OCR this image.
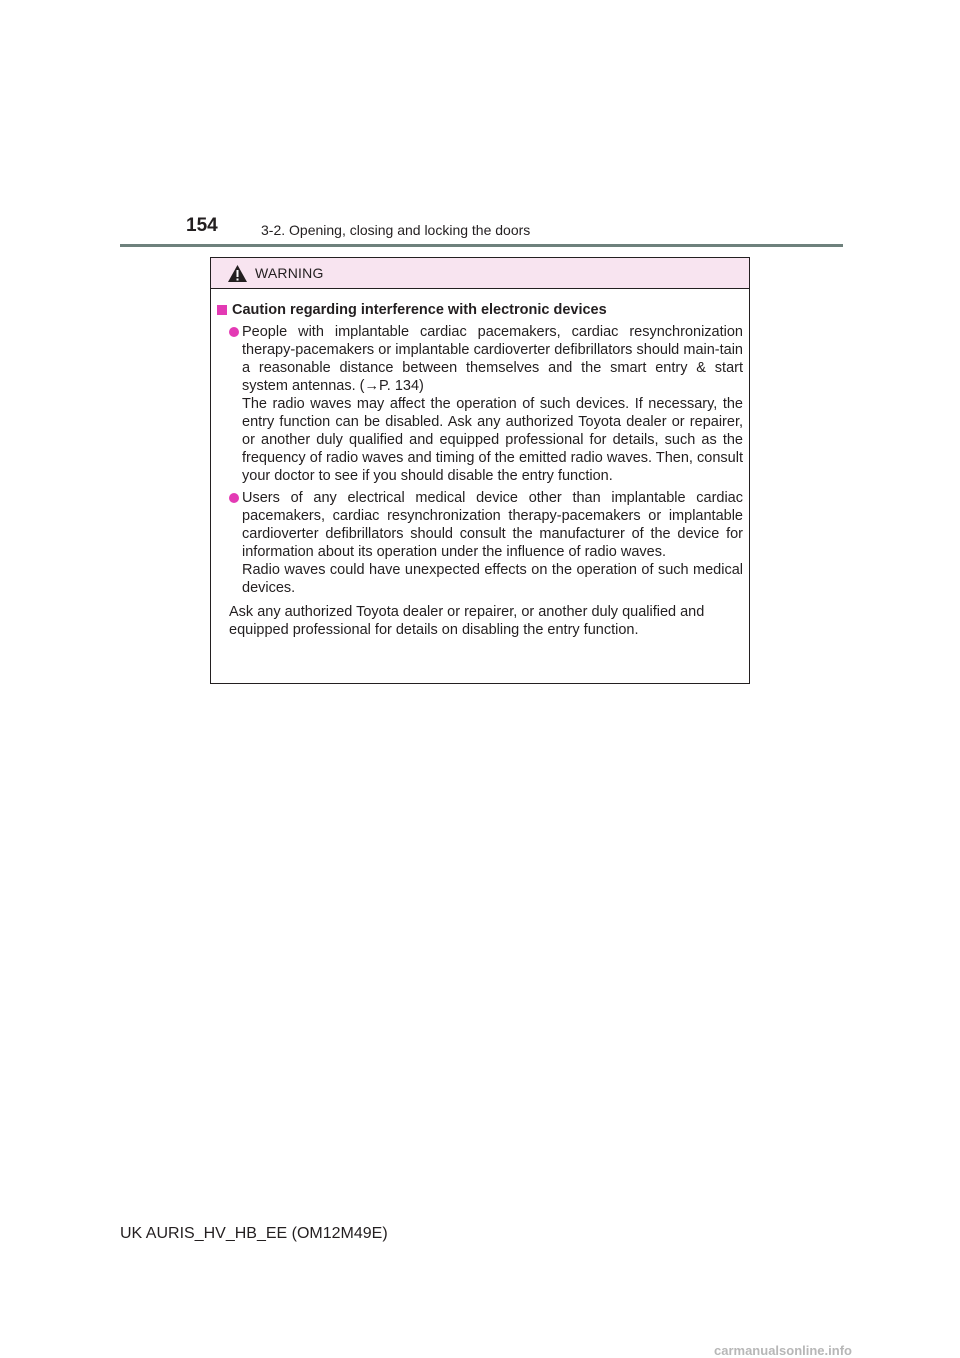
154	3-2. Opening, closing and locking the doors
WARNING
Caution regarding interference with electronic devices
People with implantable cardiac pacemakers, cardiac resynchronization therapy-pacemakers or implantable cardioverter defibrillators should main-tain a reasonable distance between themselves and the smart entry & start system antennas. (→P. 134)
The radio waves may affect the operation of such devices. If necessary, the entry function can be disabled. Ask any authorized Toyota dealer or repairer, or another duly qualified and equipped professional for details, such as the frequency of radio waves and timing of the emitted radio waves. Then, consult your doctor to see if you should disable the entry function.
Users of any electrical medical device other than implantable cardiac pacemakers, cardiac resynchronization therapy-pacemakers or implantable cardioverter defibrillators should consult the manufacturer of the device for information about its operation under the influence of radio waves.
Radio waves could have unexpected effects on the operation of such medical devices.
Ask any authorized Toyota dealer or repairer, or another duly qualified and equipped professional for details on disabling the entry function.
UK AURIS_HV_HB_EE (OM12M49E)
carmanualsonline.info
